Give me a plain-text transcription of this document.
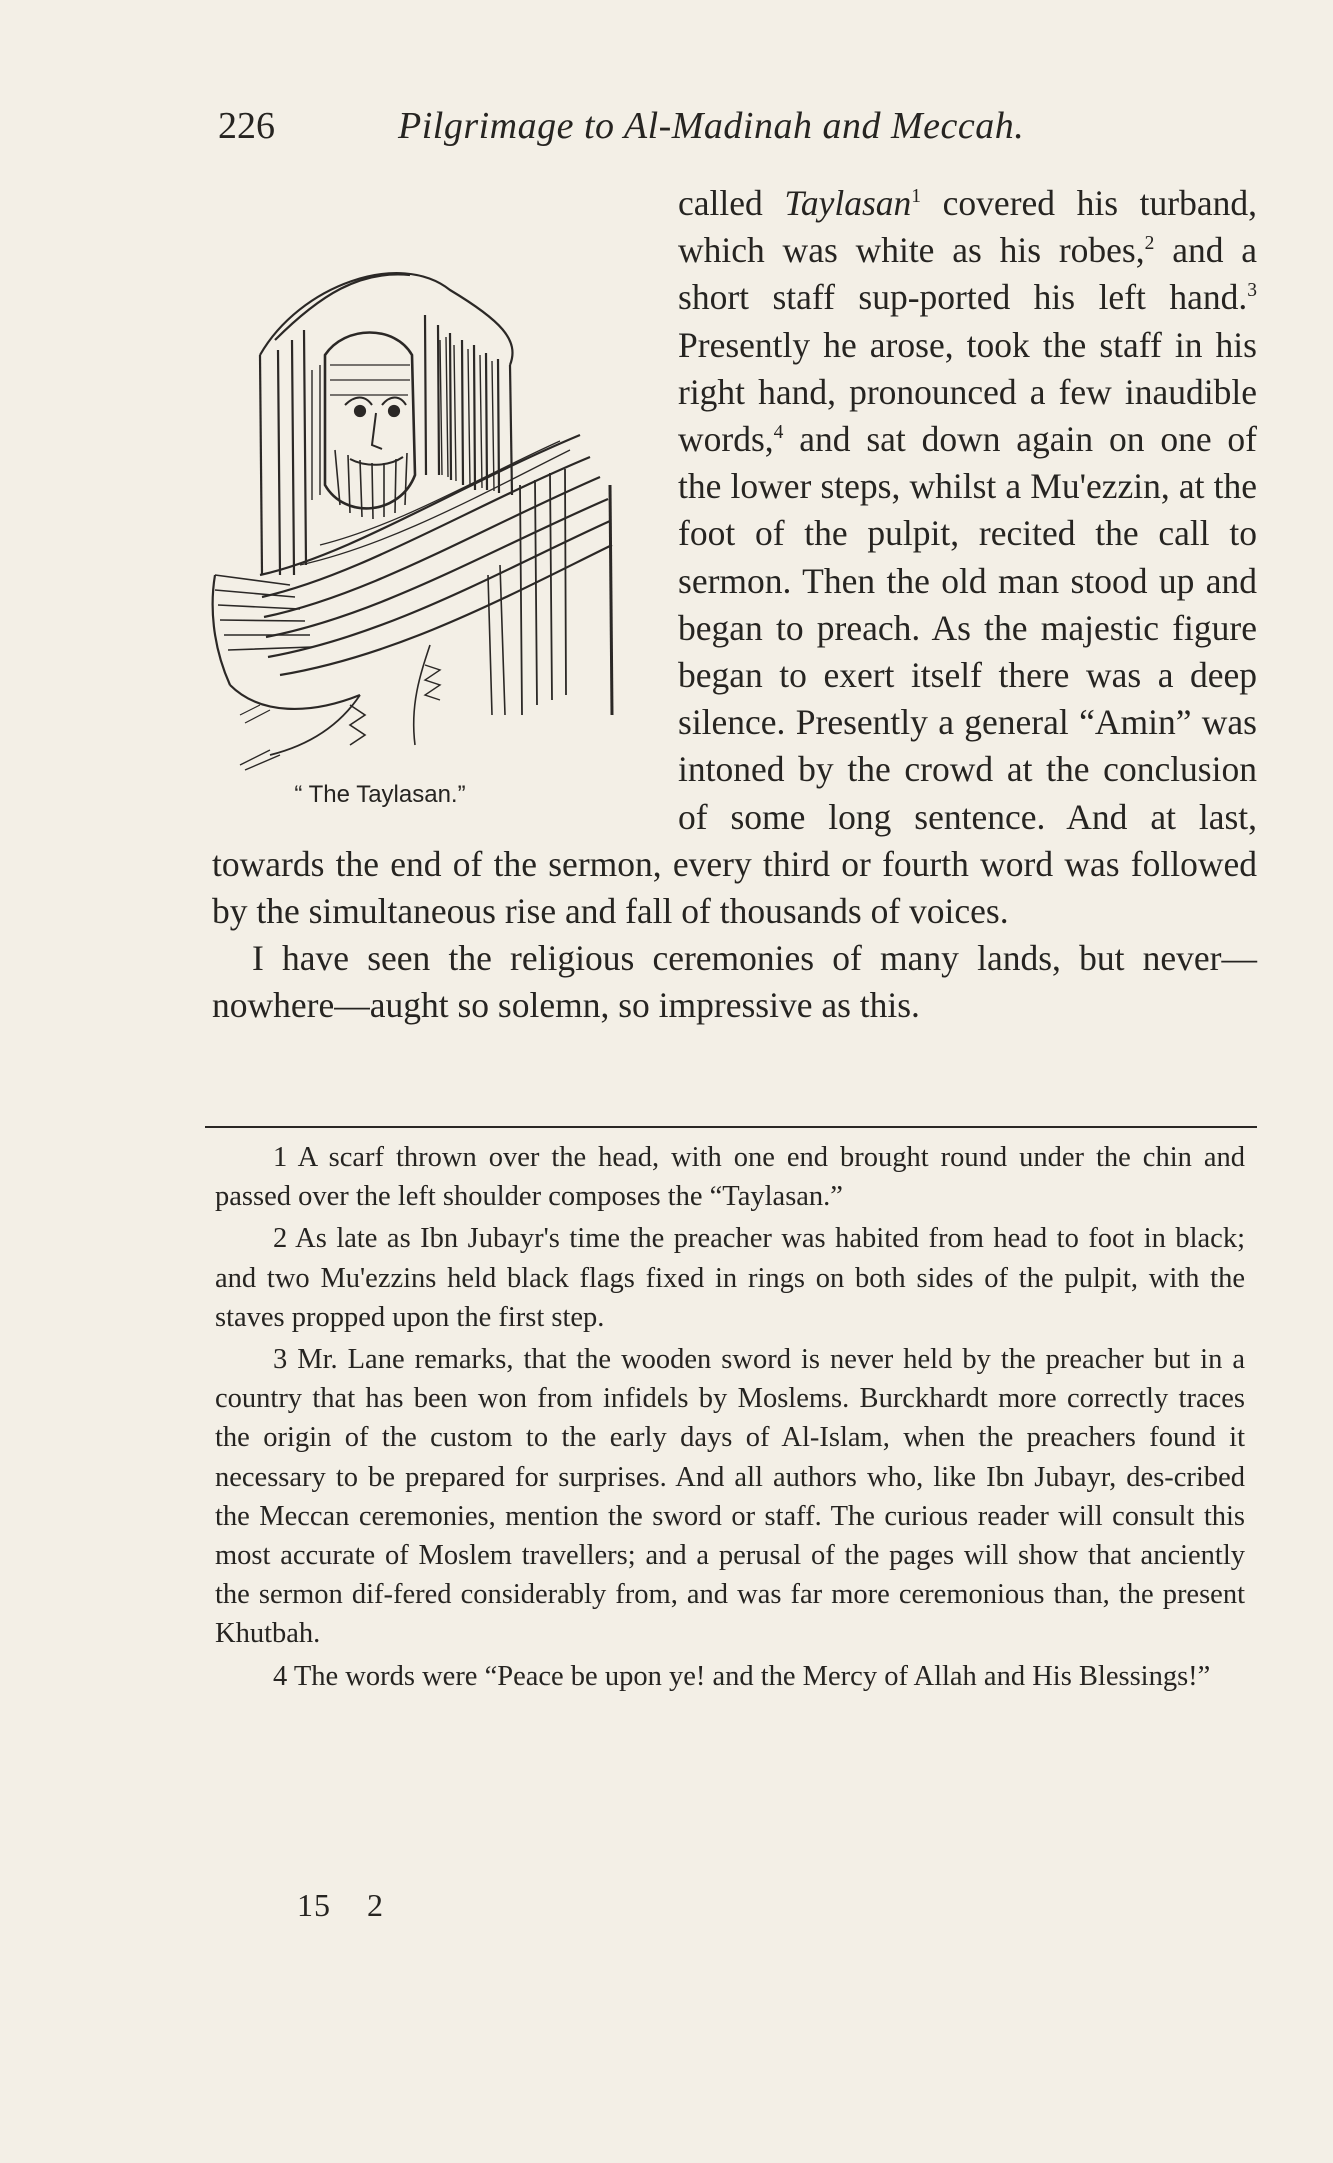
226	Pilgrimage to Al-Madinah and Meccah.
“ The Taylasan.”

called Taylasan$^1$ covered his turband, which was white as his robes,$^2$ and a short staff sup-ported his left hand.$^3$ Presently he arose, took the staff in his right hand, pronounced a few inaudible words,$^4$ and sat down again on one of the lower steps, whilst a Mu'ezzin, at the foot of the pulpit, recited the call to sermon. Then the old man stood up and began to preach. As the majestic figure began to exert itself there was a deep silence. Presently a general “Amin” was intoned by the crowd at the conclusion of some long sentence. And at last, towards the end of the sermon, every third or fourth word was followed by the simultaneous rise and fall of thousands of voices.

I have seen the religious ceremonies of many lands, but never—nowhere—aught so solemn, so impressive as this.

1 A scarf thrown over the head, with one end brought round under the chin and passed over the left shoulder composes the “Taylasan.”

2 As late as Ibn Jubayr's time the preacher was habited from head to foot in black; and two Mu'ezzins held black flags fixed in rings on both sides of the pulpit, with the staves propped upon the first step.

3 Mr. Lane remarks, that the wooden sword is never held by the preacher but in a country that has been won from infidels by Moslems. Burckhardt more correctly traces the origin of the custom to the early days of Al-Islam, when the preachers found it necessary to be prepared for surprises. And all authors who, like Ibn Jubayr, des-cribed the Meccan ceremonies, mention the sword or staff. The curious reader will consult this most accurate of Moslem travellers; and a perusal of the pages will show that anciently the sermon dif-fered considerably from, and was far more ceremonious than, the present Khutbah.

4 The words were “Peace be upon ye! and the Mercy of Allah and His Blessings!”

15    2
